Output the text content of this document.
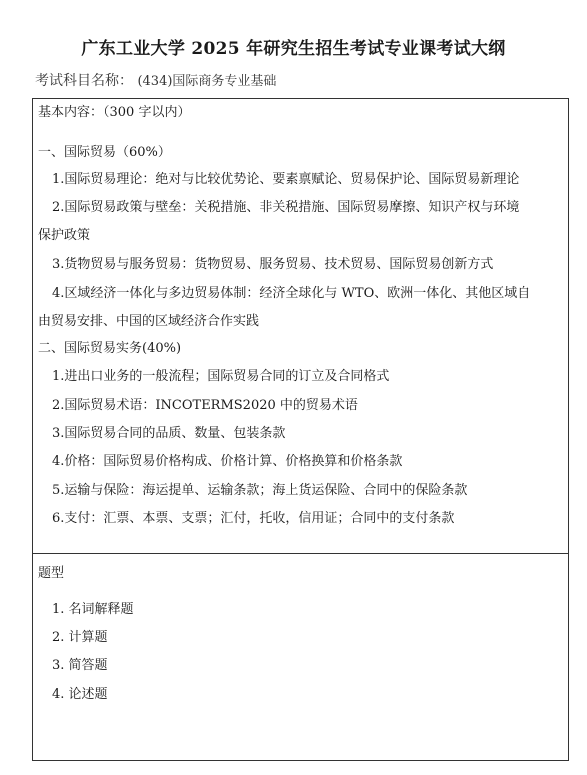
广东工业大学 2025 年研究生招生考试专业课考试大纲
考试科目名称： (434)国际商务专业基础
基本内容：（300 字以内）
一、国际贸易（60%）
1.国际贸易理论：绝对与比较优势论、要素禀赋论、贸易保护论、国际贸易新理论
2.国际贸易政策与壁垒：关税措施、非关税措施、国际贸易摩擦、知识产权与环境
保护政策
3.货物贸易与服务贸易：货物贸易、服务贸易、技术贸易、国际贸易创新方式
4.区域经济一体化与多边贸易体制：经济全球化与 WTO、欧洲一体化、其他区域自
由贸易安排、中国的区域经济合作实践
二、国际贸易实务(40%)
1.进出口业务的一般流程；国际贸易合同的订立及合同格式
2.国际贸易术语：INCOTERMS2020 中的贸易术语
3.国际贸易合同的品质、数量、包装条款
4.价格：国际贸易价格构成、价格计算、价格换算和价格条款
5.运输与保险：海运提单、运输条款；海上货运保险、合同中的保险条款
6.支付：汇票、本票、支票；汇付，托收，信用证；合同中的支付条款
题型
1. 名词解释题
2. 计算题
3. 简答题
4. 论述题
